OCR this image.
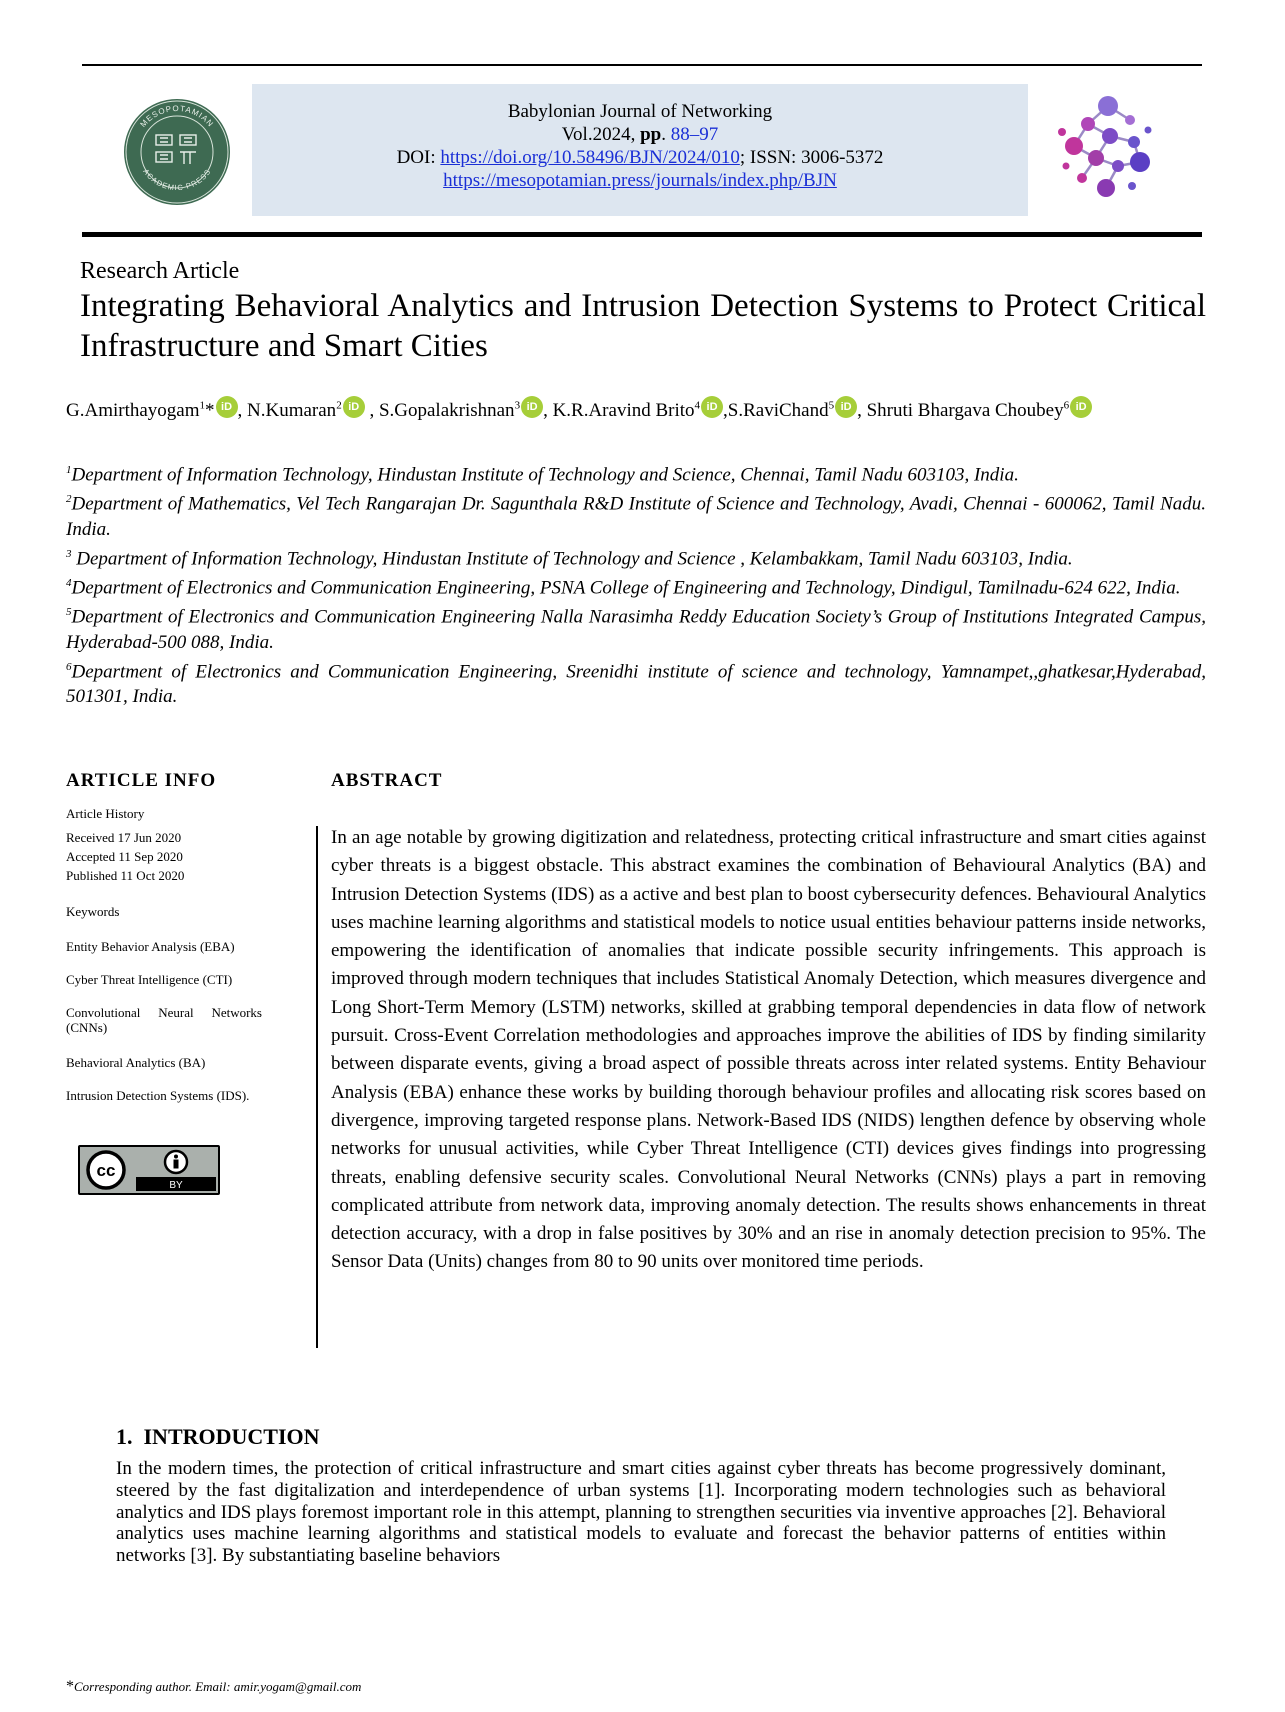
MESOPOTAMIAN
ACADEMIC PRESS
Babylonian Journal of Networking
Vol.2024, pp. 88–97
DOI: https://doi.org/10.58496/BJN/2024/010; ISSN: 3006-5372
https://mesopotamian.press/journals/index.php/BJN
Research Article
Integrating Behavioral Analytics and Intrusion Detection Systems to Protect Critical Infrastructure and Smart Cities
G.Amirthayogam$^1$* iD , N.Kumaran$^2$ iD , S.Gopalakrishnan$^3$ iD , K.R.Aravind Brito$^4$ iD ,S.RaviChand$^5$ iD , Shruti Bhargava Choubey$^6$ iD

$^1$Department of Information Technology, Hindustan Institute of Technology and Science, Chennai, Tamil Nadu 603103, India.

$^2$Department of Mathematics, Vel Tech Rangarajan Dr. Sagunthala R&D Institute of Science and Technology, Avadi, Chennai - 600062, Tamil Nadu. India.

$^3$ Department of Information Technology, Hindustan Institute of Technology and Science , Kelambakkam, Tamil Nadu 603103, India.

$^4$Department of Electronics and Communication Engineering, PSNA College of Engineering and Technology, Dindigul, Tamilnadu-624 622, India.

$^5$Department of Electronics and Communication Engineering Nalla Narasimha Reddy Education Society’s Group of Institutions Integrated Campus, Hyderabad-500 088, India.

$^6$Department of Electronics and Communication Engineering, Sreenidhi institute of science and technology, Yamnampet,,ghatkesar,Hyderabad, 501301, India.

ARTICLE INFO
Article History
Received 17 Jun 2020
Accepted 11 Sep 2020
Published 11 Oct 2020
Keywords
Entity Behavior Analysis (EBA)
Cyber Threat Intelligence (CTI)
Convolutional Neural Networks (CNNs)
Behavioral Analytics (BA)
Intrusion Detection Systems (IDS).
cc
BY
ABSTRACT
In an age notable by growing digitization and relatedness, protecting critical infrastructure and smart cities against cyber threats is a biggest obstacle. This abstract examines the combination of Behavioural Analytics (BA) and Intrusion Detection Systems (IDS) as a active and best plan to boost cybersecurity defences. Behavioural Analytics uses machine learning algorithms and statistical models to notice usual entities behaviour patterns inside networks, empowering the identification of anomalies that indicate possible security infringements. This approach is improved through modern techniques that includes Statistical Anomaly Detection, which measures divergence and Long Short-Term Memory (LSTM) networks, skilled at grabbing temporal dependencies in data flow of network pursuit. Cross-Event Correlation methodologies and approaches improve the abilities of IDS by finding similarity between disparate events, giving a broad aspect of possible threats across inter related systems. Entity Behaviour Analysis (EBA) enhance these works by building thorough behaviour profiles and allocating risk scores based on divergence, improving targeted response plans. Network-Based IDS (NIDS) lengthen defence by observing whole networks for unusual activities, while Cyber Threat Intelligence (CTI) devices gives findings into progressing threats, enabling defensive security scales. Convolutional Neural Networks (CNNs) plays a part in removing complicated attribute from network data, improving anomaly detection. The results shows enhancements in threat detection accuracy, with a drop in false positives by 30% and an rise in anomaly detection precision to 95%. The Sensor Data (Units) changes from 80 to 90 units over monitored time periods.
1.  INTRODUCTION
In the modern times, the protection of critical infrastructure and smart cities against cyber threats has become progressively dominant, steered by the fast digitalization and interdependence of urban systems [1]. Incorporating modern technologies such as behavioral analytics and IDS plays foremost important role in this attempt, planning to strengthen securities via inventive approaches [2]. Behavioral analytics uses machine learning algorithms and statistical models to evaluate and forecast the behavior patterns of entities within networks [3]. By substantiating baseline behaviors
*Corresponding author. Email: amir.yogam@gmail.com
